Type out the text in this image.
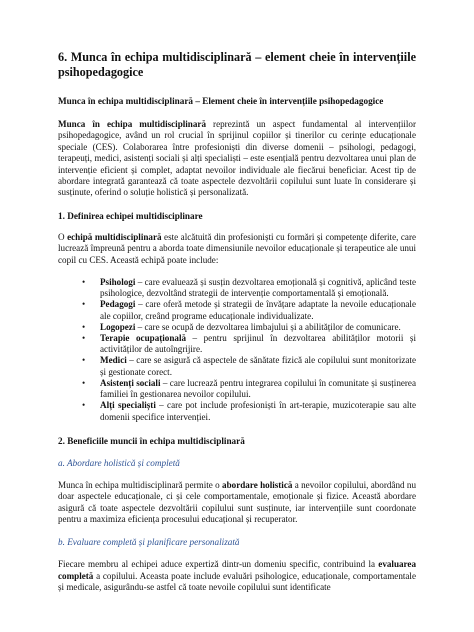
6. Munca în echipa multidisciplinară – element cheie în intervențiile psihopedagogice
Munca în echipa multidisciplinară – Element cheie în intervențiile psihopedagogice

Munca în echipa multidisciplinară reprezintă un aspect fundamental al intervențiilor psihopedagogice, având un rol crucial în sprijinul copiilor și tinerilor cu cerințe educaționale speciale (CES). Colaborarea între profesioniști din diverse domenii – psihologi, pedagogi, terapeuți, medici, asistenți sociali și alți specialiști – este esențială pentru dezvoltarea unui plan de intervenție eficient și complet, adaptat nevoilor individuale ale fiecărui beneficiar. Acest tip de abordare integrată garantează că toate aspectele dezvoltării copilului sunt luate în considerare și susținute, oferind o soluție holistică și personalizată.

1. Definirea echipei multidisciplinare

O echipă multidisciplinară este alcătuită din profesioniști cu formări și competențe diferite, care lucrează împreună pentru a aborda toate dimensiunile nevoilor educaționale și terapeutice ale unui copil cu CES. Această echipă poate include:

• Psihologi – care evaluează și susțin dezvoltarea emoțională și cognitivă, aplicând teste psihologice, dezvoltând strategii de intervenție comportamentală și emoțională.
• Pedagogi – care oferă metode și strategii de învățare adaptate la nevoile educaționale ale copiilor, creând programe educaționale individualizate.
• Logopezi – care se ocupă de dezvoltarea limbajului și a abilităților de comunicare.
• Terapie ocupațională – pentru sprijinul în dezvoltarea abilităților motorii și activităților de autoîngrijire.
• Medici – care se asigură că aspectele de sănătate fizică ale copilului sunt monitorizate și gestionate corect.
• Asistenți sociali – care lucrează pentru integrarea copilului în comunitate și susținerea familiei în gestionarea nevoilor copilului.
• Alți specialiști – care pot include profesioniști în art-terapie, muzicoterapie sau alte domenii specifice intervenției.
2. Beneficiile muncii în echipa multidisciplinară
a. Abordare holistică și completă

Munca în echipa multidisciplinară permite o abordare holistică a nevoilor copilului, abordând nu doar aspectele educaționale, ci și cele comportamentale, emoționale și fizice. Această abordare asigură că toate aspectele dezvoltării copilului sunt susținute, iar intervențiile sunt coordonate pentru a maximiza eficiența procesului educațional și recuperator.

b. Evaluare completă și planificare personalizată

Fiecare membru al echipei aduce expertiză dintr-un domeniu specific, contribuind la evaluarea completă a copilului. Aceasta poate include evaluări psihologice, educaționale, comportamentale și medicale, asigurându-se astfel că toate nevoile copilului sunt identificate
